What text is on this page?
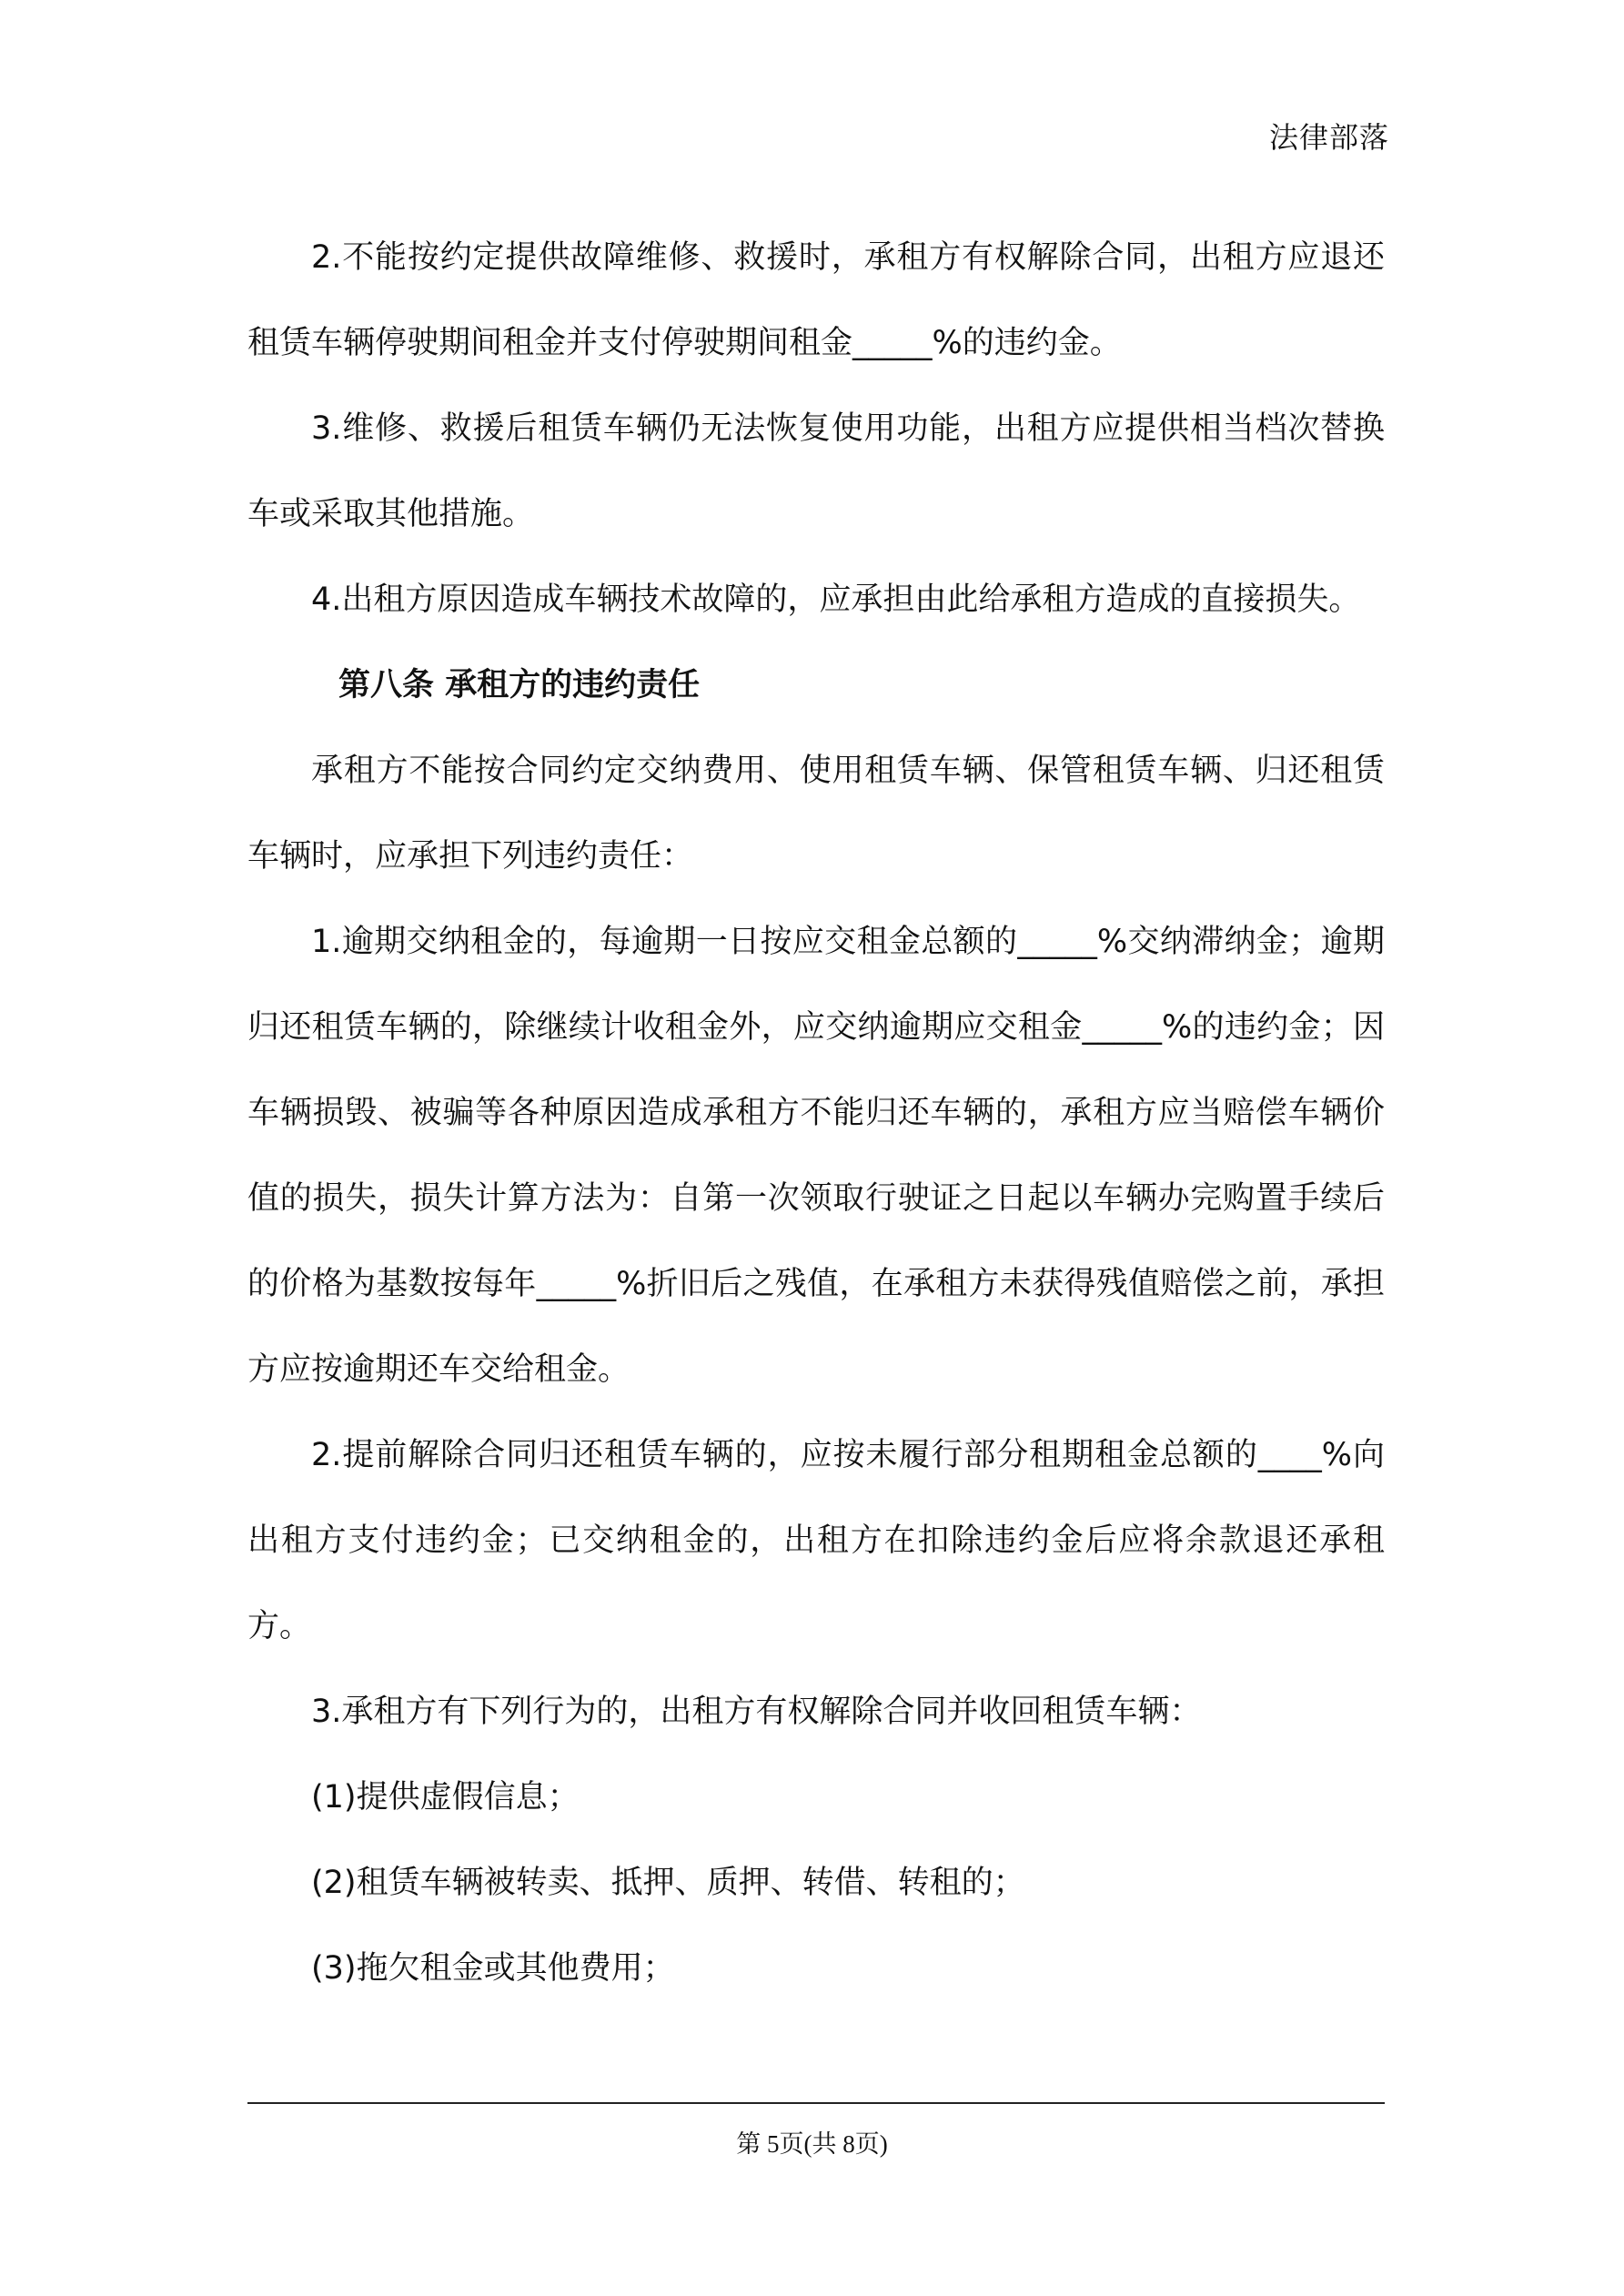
法律部落

2.不能按约定提供故障维修、救援时，承租方有权解除合同，出租方应退还租赁车辆停驶期间租金并支付停驶期间租金_____%的违约金。

3.维修、救援后租赁车辆仍无法恢复使用功能，出租方应提供相当档次替换车或采取其他措施。

4.出租方原因造成车辆技术故障的，应承担由此给承租方造成的直接损失。

第八条 承租方的违约责任

承租方不能按合同约定交纳费用、使用租赁车辆、保管租赁车辆、归还租赁车辆时，应承担下列违约责任：

1.逾期交纳租金的，每逾期一日按应交租金总额的_____%交纳滞纳金；逾期归还租赁车辆的，除继续计收租金外，应交纳逾期应交租金_____%的违约金；因车辆损毁、被骗等各种原因造成承租方不能归还车辆的，承租方应当赔偿车辆价值的损失，损失计算方法为：自第一次领取行驶证之日起以车辆办完购置手续后的价格为基数按每年_____%折旧后之残值，在承租方未获得残值赔偿之前，承担方应按逾期还车交给租金。

2.提前解除合同归还租赁车辆的，应按未履行部分租期租金总额的____%向出租方支付违约金；已交纳租金的，出租方在扣除违约金后应将余款退还承租方。

3.承租方有下列行为的，出租方有权解除合同并收回租赁车辆：

(1)提供虚假信息；

(2)租赁车辆被转卖、抵押、质押、转借、转租的；

(3)拖欠租金或其他费用；

第 5页(共 8页)
